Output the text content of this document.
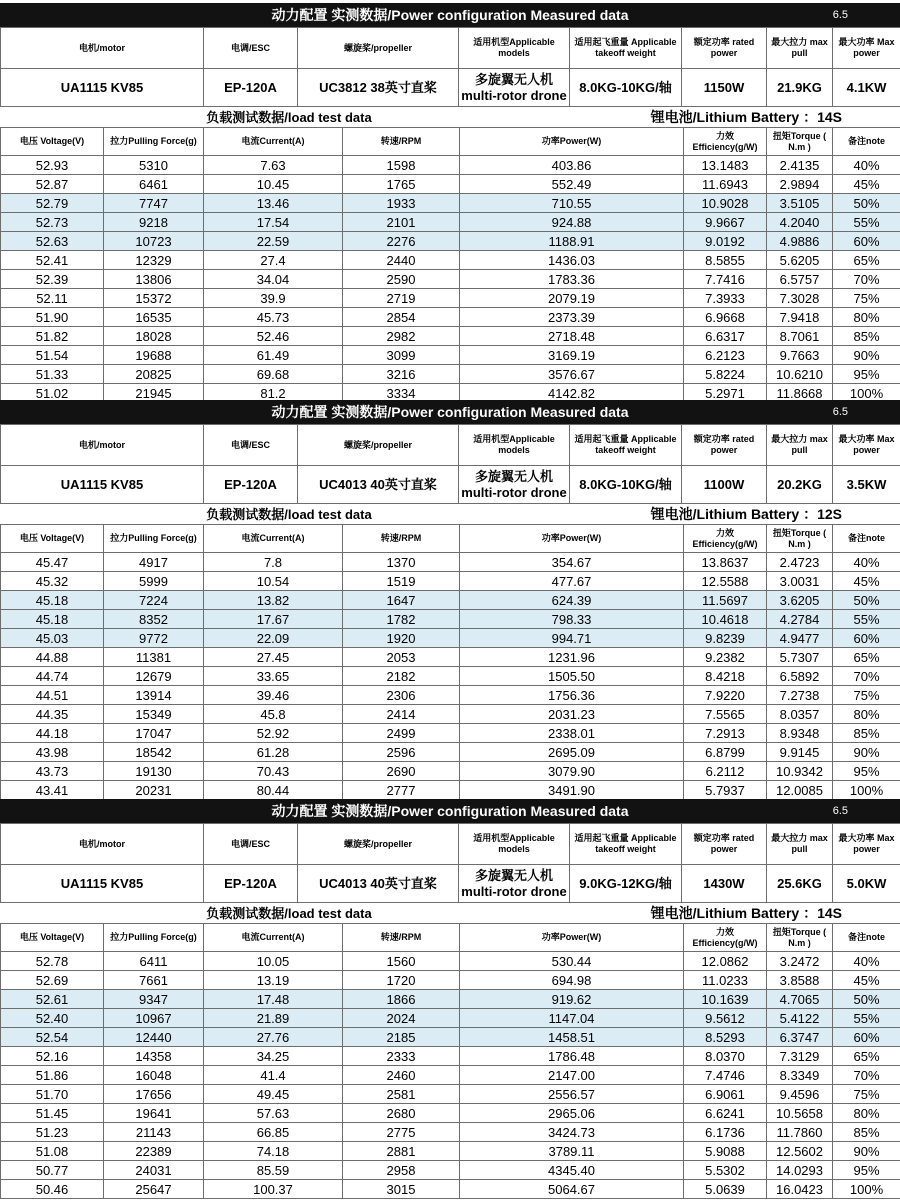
动力配置 实测数据/Power configuration Measured data	6.5
电机/motor	电调/ESC	螺旋桨/propeller	适用机型Applicable models	适用起飞重量 Applicable takeoff weight	额定功率 rated power	最大拉力 max pull	最大功率 Max power
UA1115 KV85	EP-120A	UC3812 38英寸直桨	多旋翼无人机 multi-rotor drone	8.0KG-10KG/轴	1150W	21.9KG	4.1KW
负载测试数据/load test data	锂电池/Lithium Battery ：14S
电压 Voltage(V)	拉力Pulling Force(g)	电流Current(A)	转速/RPM	功率Power(W)	力效 Efficiency(g/W)	扭矩Torque ( N.m )	备注note
52.93	5310	7.63	1598	403.86	13.1483	2.4135	40%
52.87	6461	10.45	1765	552.49	11.6943	2.9894	45%
52.79	7747	13.46	1933	710.55	10.9028	3.5105	50%
52.73	9218	17.54	2101	924.88	9.9667	4.2040	55%
52.63	10723	22.59	2276	1188.91	9.0192	4.9886	60%
52.41	12329	27.4	2440	1436.03	8.5855	5.6205	65%
52.39	13806	34.04	2590	1783.36	7.7416	6.5757	70%
52.11	15372	39.9	2719	2079.19	7.3933	7.3028	75%
51.90	16535	45.73	2854	2373.39	6.9668	7.9418	80%
51.82	18028	52.46	2982	2718.48	6.6317	8.7061	85%
51.54	19688	61.49	3099	3169.19	6.2123	9.7663	90%
51.33	20825	69.68	3216	3576.67	5.8224	10.6210	95%
51.02	21945	81.2	3334	4142.82	5.2971	11.8668	100%
动力配置 实测数据/Power configuration Measured data	6.5
电机/motor	电调/ESC	螺旋桨/propeller	适用机型Applicable models	适用起飞重量 Applicable takeoff weight	额定功率 rated power	最大拉力 max pull	最大功率 Max power
UA1115 KV85	EP-120A	UC4013 40英寸直桨	多旋翼无人机 multi-rotor drone	8.0KG-10KG/轴	1100W	20.2KG	3.5KW
负载测试数据/load test data	锂电池/Lithium Battery ：12S
电压 Voltage(V)	拉力Pulling Force(g)	电流Current(A)	转速/RPM	功率Power(W)	力效 Efficiency(g/W)	扭矩Torque ( N.m )	备注note
45.47	4917	7.8	1370	354.67	13.8637	2.4723	40%
45.32	5999	10.54	1519	477.67	12.5588	3.0031	45%
45.18	7224	13.82	1647	624.39	11.5697	3.6205	50%
45.18	8352	17.67	1782	798.33	10.4618	4.2784	55%
45.03	9772	22.09	1920	994.71	9.8239	4.9477	60%
44.88	11381	27.45	2053	1231.96	9.2382	5.7307	65%
44.74	12679	33.65	2182	1505.50	8.4218	6.5892	70%
44.51	13914	39.46	2306	1756.36	7.9220	7.2738	75%
44.35	15349	45.8	2414	2031.23	7.5565	8.0357	80%
44.18	17047	52.92	2499	2338.01	7.2913	8.9348	85%
43.98	18542	61.28	2596	2695.09	6.8799	9.9145	90%
43.73	19130	70.43	2690	3079.90	6.2112	10.9342	95%
43.41	20231	80.44	2777	3491.90	5.7937	12.0085	100%
动力配置 实测数据/Power configuration Measured data	6.5
电机/motor	电调/ESC	螺旋桨/propeller	适用机型Applicable models	适用起飞重量 Applicable takeoff weight	额定功率 rated power	最大拉力 max pull	最大功率 Max power
UA1115 KV85	EP-120A	UC4013 40英寸直桨	多旋翼无人机 multi-rotor drone	9.0KG-12KG/轴	1430W	25.6KG	5.0KW
负载测试数据/load test data	锂电池/Lithium Battery ：14S
电压 Voltage(V)	拉力Pulling Force(g)	电流Current(A)	转速/RPM	功率Power(W)	力效 Efficiency(g/W)	扭矩Torque ( N.m )	备注note
52.78	6411	10.05	1560	530.44	12.0862	3.2472	40%
52.69	7661	13.19	1720	694.98	11.0233	3.8588	45%
52.61	9347	17.48	1866	919.62	10.1639	4.7065	50%
52.40	10967	21.89	2024	1147.04	9.5612	5.4122	55%
52.54	12440	27.76	2185	1458.51	8.5293	6.3747	60%
52.16	14358	34.25	2333	1786.48	8.0370	7.3129	65%
51.86	16048	41.4	2460	2147.00	7.4746	8.3349	70%
51.70	17656	49.45	2581	2556.57	6.9061	9.4596	75%
51.45	19641	57.63	2680	2965.06	6.6241	10.5658	80%
51.23	21143	66.85	2775	3424.73	6.1736	11.7860	85%
51.08	22389	74.18	2881	3789.11	5.9088	12.5602	90%
50.77	24031	85.59	2958	4345.40	5.5302	14.0293	95%
50.46	25647	100.37	3015	5064.67	5.0639	16.0423	100%
